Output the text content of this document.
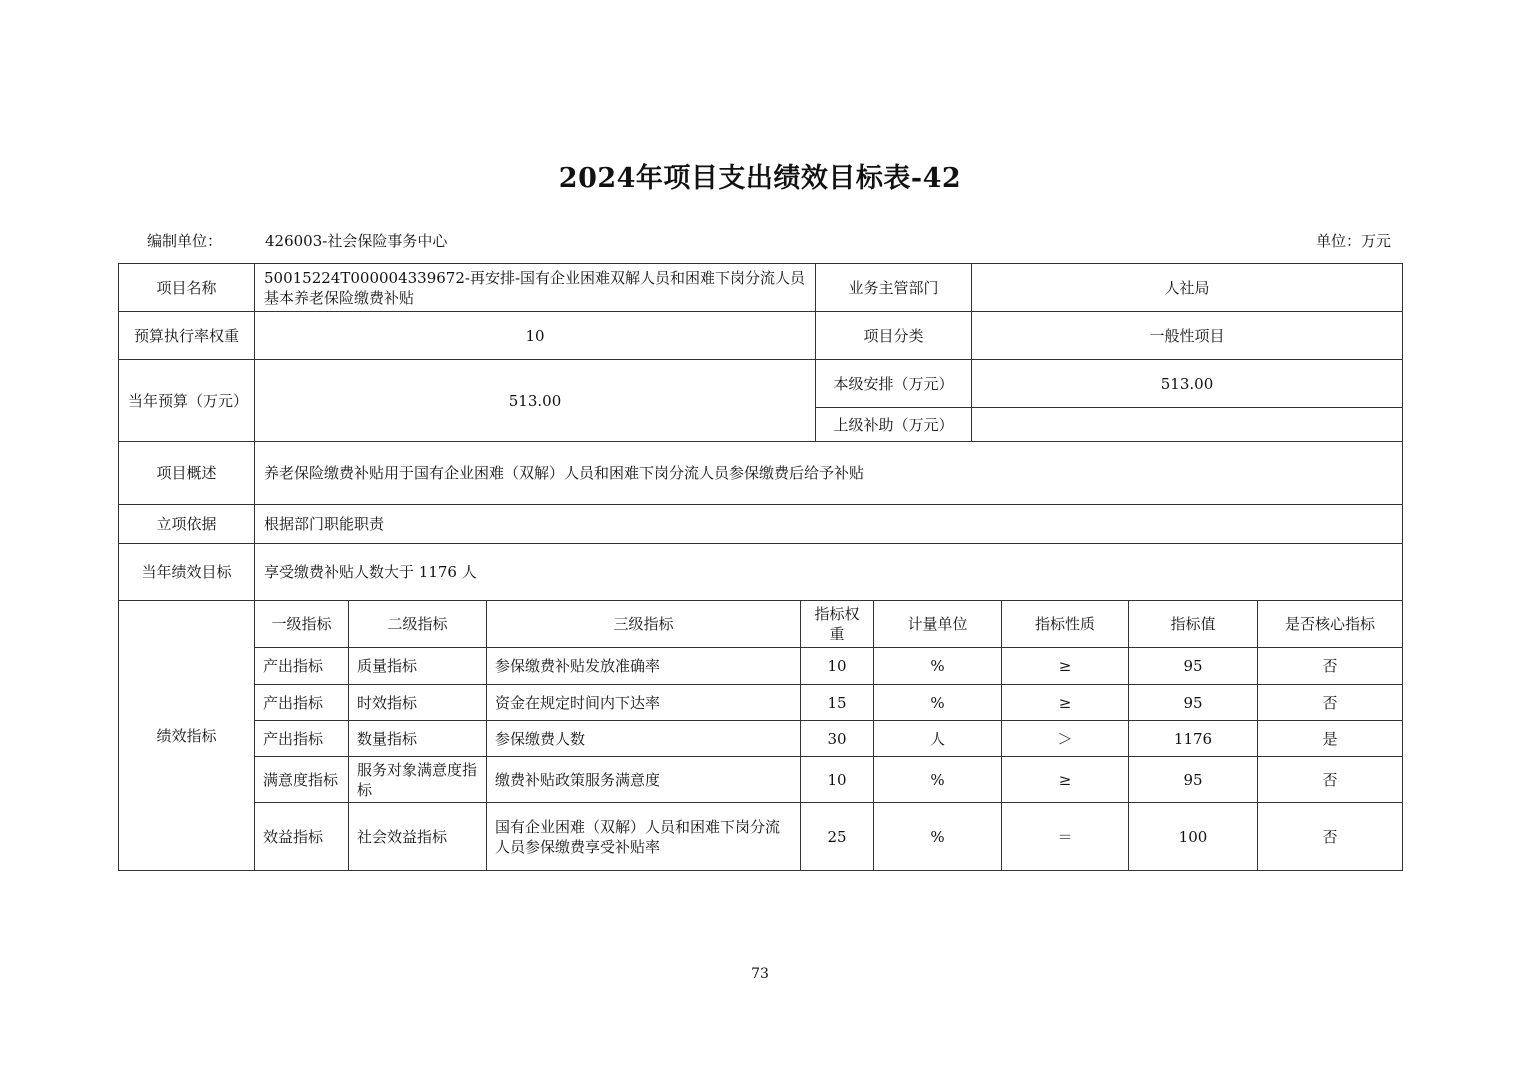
2024年项目支出绩效目标表-42
编制单位：	426003-社会保险事务中心	单位：万元
项目名称	50015224T000004339672-再安排-国有企业困难双解人员和困难下岗分流人员基本养老保险缴费补贴	业务主管部门	人社局
预算执行率权重	10	项目分类	一般性项目
当年预算（万元）	513.00	本级安排（万元）	513.00
		上级补助（万元）	
项目概述	养老保险缴费补贴用于国有企业困难（双解）人员和困难下岗分流人员参保缴费后给予补贴		
立项依据	根据部门职能职责		
当年绩效目标	享受缴费补贴人数大于 1176 人		
绩效指标	一级指标	二级指标	三级指标	指标权重	计量单位	指标性质	指标值	是否核心指标
	产出指标	质量指标	参保缴费补贴发放准确率	10	%	≥	95	否
	产出指标	时效指标	资金在规定时间内下达率	15	%	≥	95	否
	产出指标	数量指标	参保缴费人数	30	人	＞	1176	是
	满意度指标	服务对象满意度指标	缴费补贴政策服务满意度	10	%	≥	95	否
	效益指标	社会效益指标	国有企业困难（双解）人员和困难下岗分流人员参保缴费享受补贴率	25	%	＝	100	否
73
